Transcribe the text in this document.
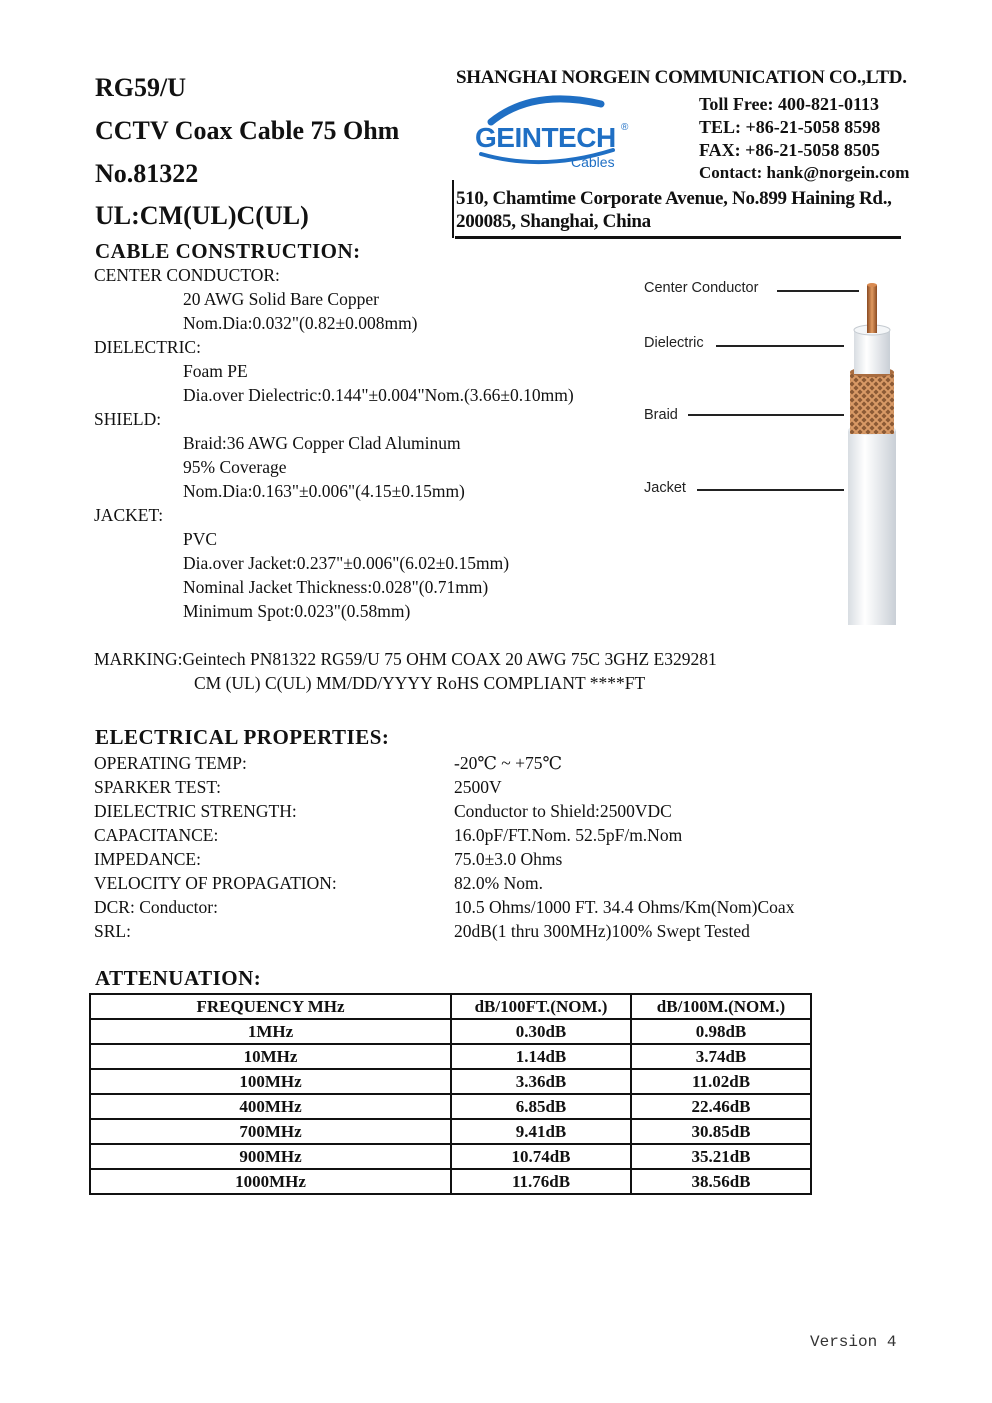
RG59/U
CCTV Coax Cable 75 Ohm
No.81322
UL:CM(UL)C(UL)
SHANGHAI NORGEIN COMMUNICATION CO.,LTD.
GEINTECH ®
Cables
Toll Free: 400-821-0113
TEL: +86-21-5058 8598
FAX: +86-21-5058 8505
Contact: hank@norgein.com
510, Chamtime Corporate Avenue, No.899 Haining Rd.,
200085, Shanghai, China
CABLE CONSTRUCTION:
CENTER CONDUCTOR:
20 AWG Solid Bare Copper
Nom.Dia:0.032"(0.82±0.008mm)
DIELECTRIC:
Foam PE
Dia.over Dielectric:0.144"±0.004"Nom.(3.66±0.10mm)
SHIELD:
Braid:36 AWG Copper Clad Aluminum
95% Coverage
Nom.Dia:0.163"±0.006"(4.15±0.15mm)
JACKET:
PVC
Dia.over Jacket:0.237"±0.006"(6.02±0.15mm)
Nominal Jacket Thickness:0.028"(0.71mm)
Minimum Spot:0.023"(0.58mm)
Center Conductor
Dielectric
Braid
Jacket
MARKING:Geintech PN81322 RG59/U 75 OHM COAX 20 AWG 75C 3GHZ E329281
CM (UL) C(UL) MM/DD/YYYY RoHS COMPLIANT ****FT
ELECTRICAL PROPERTIES:
OPERATING TEMP:	-20℃ ~ +75℃
SPARKER TEST:	2500V
DIELECTRIC STRENGTH:	Conductor to Shield:2500VDC
CAPACITANCE:	16.0pF/FT.Nom. 52.5pF/m.Nom
IMPEDANCE:	75.0±3.0 Ohms
VELOCITY OF PROPAGATION:	82.0% Nom.
DCR: Conductor:	10.5 Ohms/1000 FT. 34.4 Ohms/Km(Nom)Coax
SRL:	20dB(1 thru 300MHz)100% Swept Tested
ATTENUATION:
FREQUENCY MHz	dB/100FT.(NOM.)	dB/100M.(NOM.)
1MHz	0.30dB	0.98dB
10MHz	1.14dB	3.74dB
100MHz	3.36dB	11.02dB
400MHz	6.85dB	22.46dB
700MHz	9.41dB	30.85dB
900MHz	10.74dB	35.21dB
1000MHz	11.76dB	38.56dB
Version 4
